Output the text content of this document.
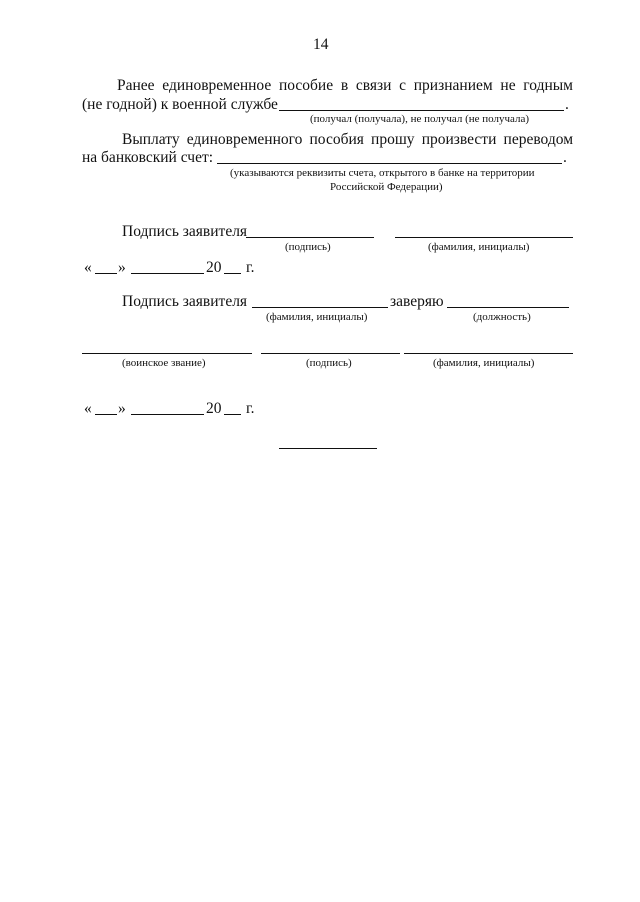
14
Ранее единовременное пособие в связи с признанием не годным
(не годной) к военной службе	.
(получал (получала), не получал (не получала)
Выплату единовременного пособия прошу произвести переводом
на банковский счет:	.
(указываются реквизиты счета, открытого в банке на территории
Российской Федерации)
Подпись заявителя
(подпись)	(фамилия, инициалы)
« »	20 г.
Подпись заявителя	заверяю
(фамилия, инициалы)	(должность)
(воинское звание)	(подпись)	(фамилия, инициалы)
« »	20 г.
